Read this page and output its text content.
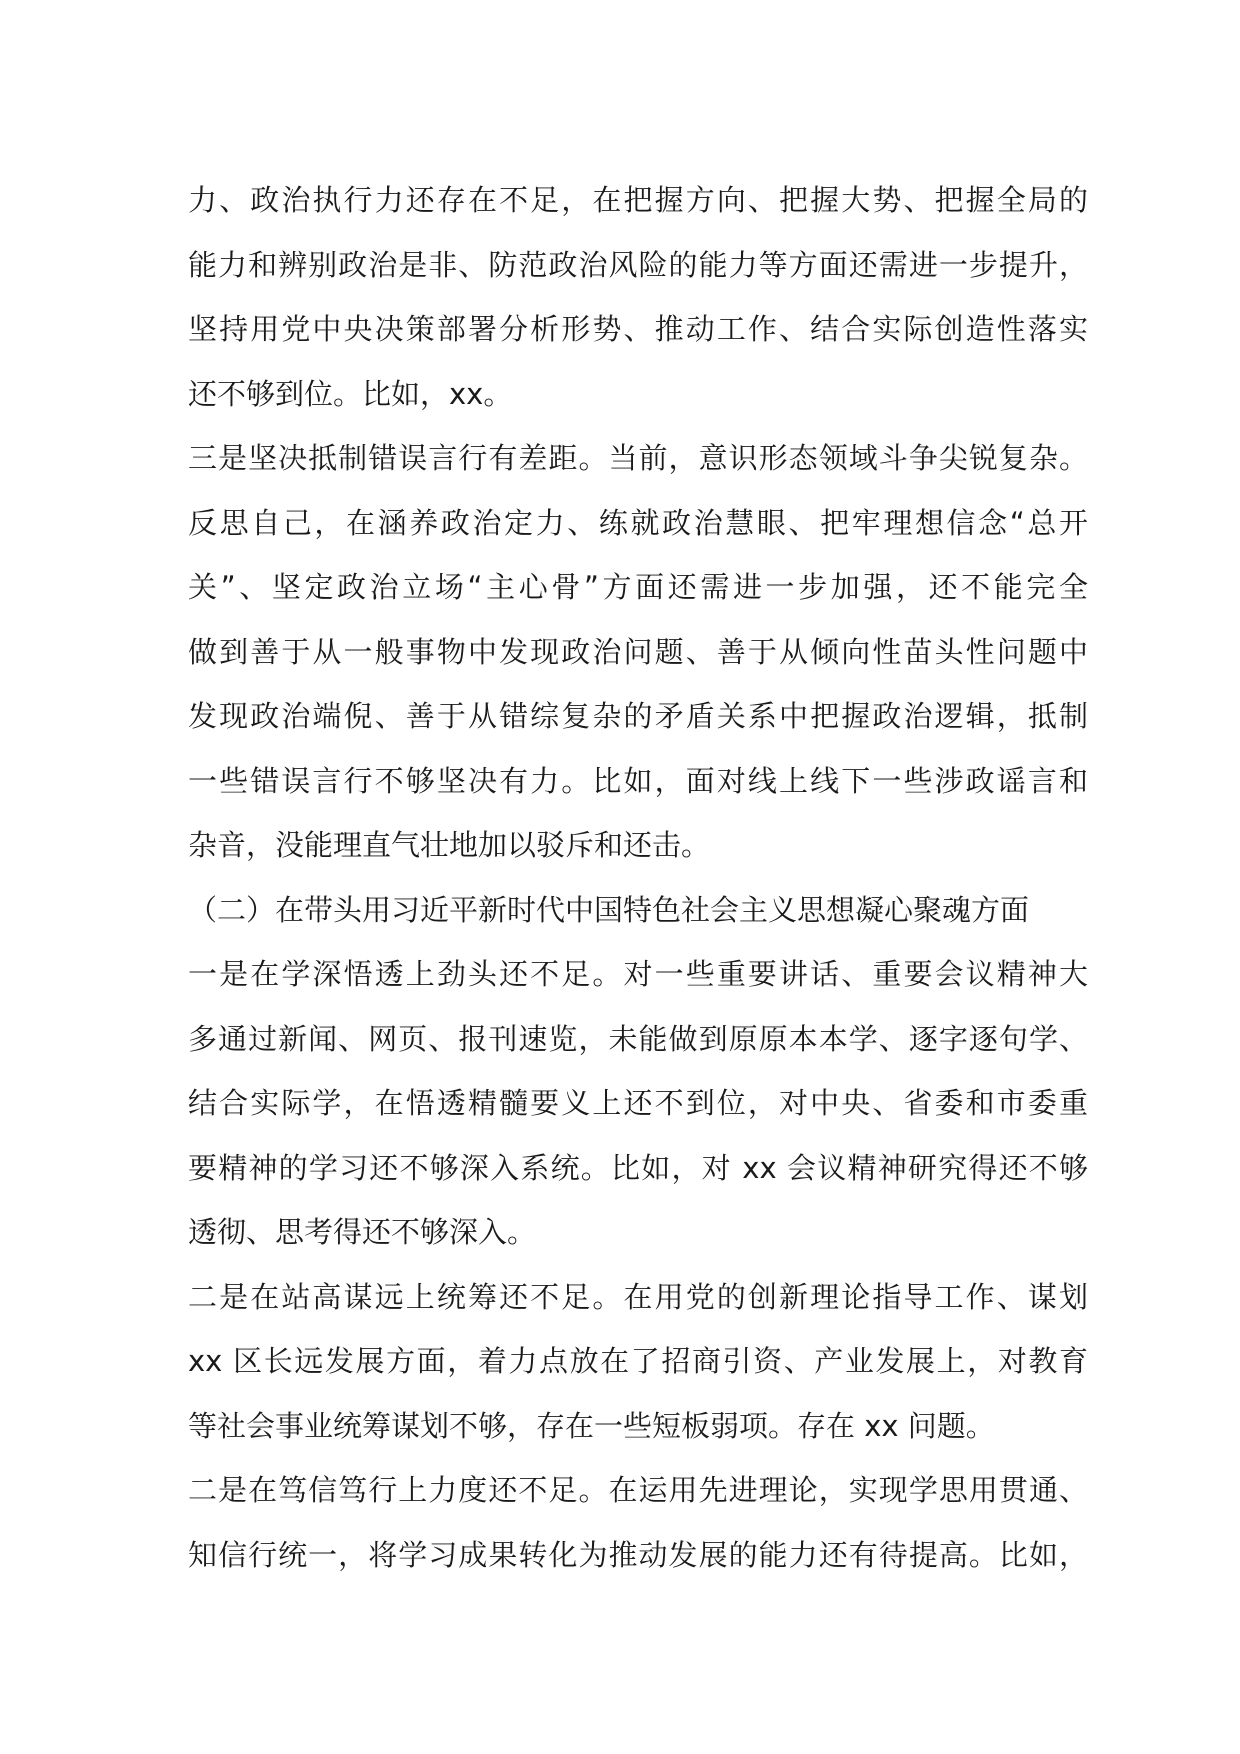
力、政治执行力还存在不足，在把握方向、把握大势、把握全局的
能力和辨别政治是非、防范政治风险的能力等方面还需进一步提升，
坚持用党中央决策部署分析形势、推动工作、结合实际创造性落实
还不够到位。比如，xx。
三是坚决抵制错误言行有差距。当前，意识形态领域斗争尖锐复杂。
反思自己，在涵养政治定力、练就政治慧眼、把牢理想信念“总开
关”、坚定政治立场“主心骨”方面还需进一步加强，还不能完全
做到善于从一般事物中发现政治问题、善于从倾向性苗头性问题中
发现政治端倪、善于从错综复杂的矛盾关系中把握政治逻辑，抵制
一些错误言行不够坚决有力。比如，面对线上线下一些涉政谣言和
杂音，没能理直气壮地加以驳斥和还击。
（二）在带头用习近平新时代中国特色社会主义思想凝心聚魂方面
一是在学深悟透上劲头还不足。对一些重要讲话、重要会议精神大
多通过新闻、网页、报刊速览，未能做到原原本本学、逐字逐句学、
结合实际学，在悟透精髓要义上还不到位，对中央、省委和市委重
要精神的学习还不够深入系统。比如，对 xx 会议精神研究得还不够
透彻、思考得还不够深入。
二是在站高谋远上统筹还不足。在用党的创新理论指导工作、谋划
xx 区长远发展方面，着力点放在了招商引资、产业发展上，对教育
等社会事业统筹谋划不够，存在一些短板弱项。存在 xx 问题。
二是在笃信笃行上力度还不足。在运用先进理论，实现学思用贯通、
知信行统一，将学习成果转化为推动发展的能力还有待提高。比如，
